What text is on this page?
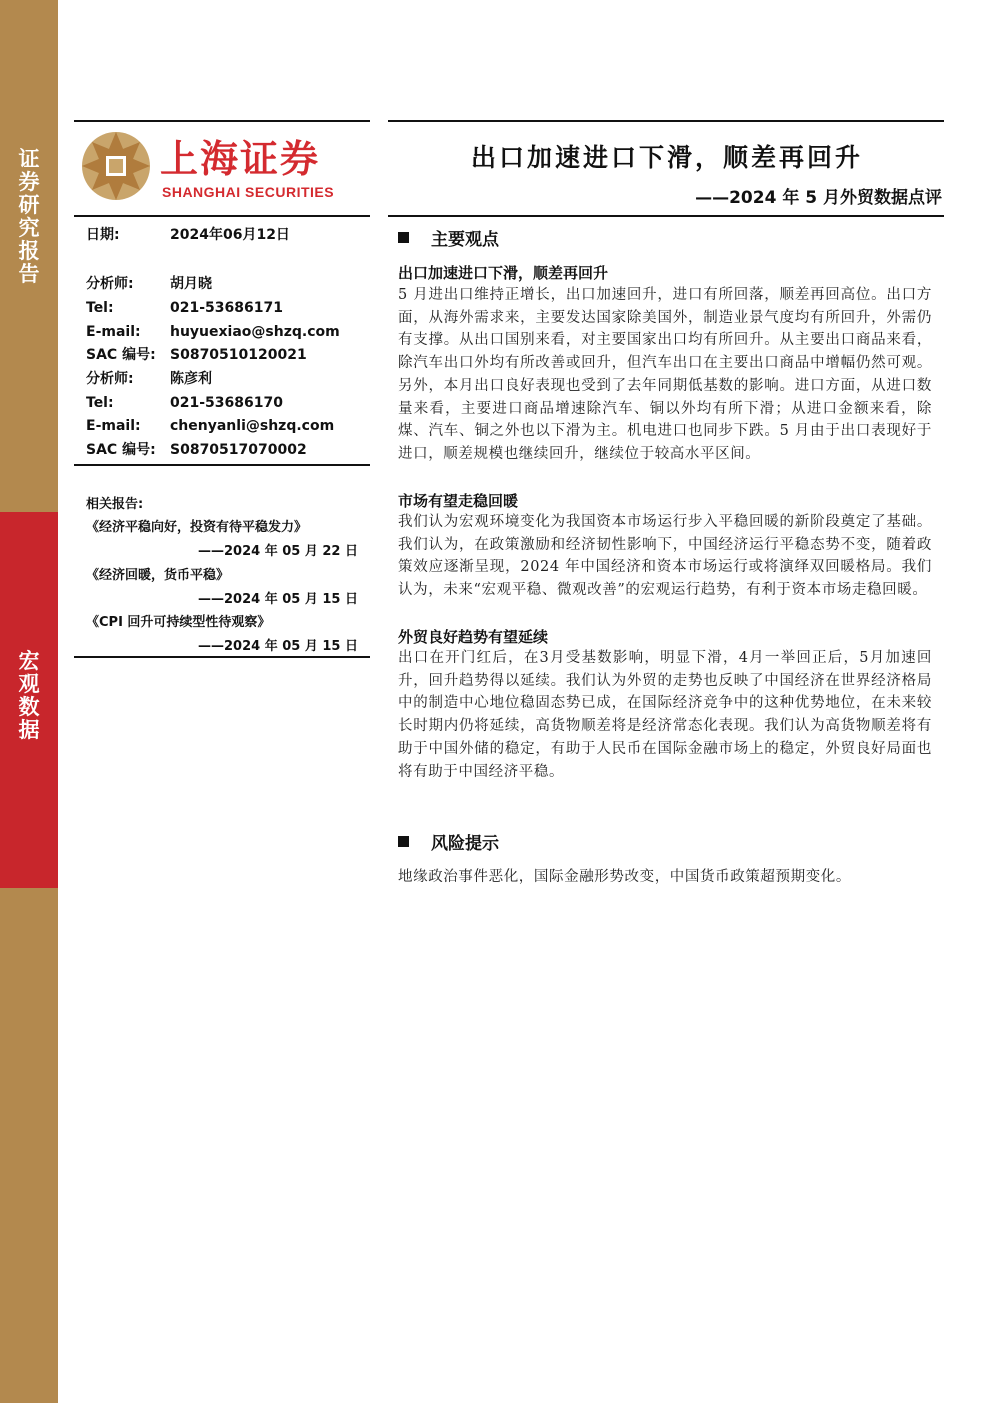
证券研究报告
宏观数据
上海证券
SHANGHAI SECURITIES
出口加速进口下滑，顺差再回升
——2024 年 5 月外贸数据点评
日期:	2024年06月12日
分析师:	胡月晓
Tel:	021-53686171
E-mail: huyuexiao@shzq.com
SAC 编号: S0870510120021
分析师:	陈彦利
Tel:	021-53686170
E-mail: chenyanli@shzq.com
SAC 编号: S0870517070002
相关报告:
《经济平稳向好，投资有待平稳发力》
——2024 年 05 月 22 日
《经济回暖，货币平稳》
——2024 年 05 月 15 日
《CPI 回升可持续型性待观察》
——2024 年 05 月 15 日
主要观点
出口加速进口下滑，顺差再回升
5 月进出口维持正增长，出口加速回升，进口有所回落，顺差再回高位。出口方面，从海外需求来，主要发达国家除美国外，制造业景气度均有所回升，外需仍有支撑。从出口国别来看，对主要国家出口均有所回升。从主要出口商品来看，除汽车出口外均有所改善或回升，但汽车出口在主要出口商品中增幅仍然可观。另外，本月出口良好表现也受到了去年同期低基数的影响。进口方面，从进口数量来看，主要进口商品增速除汽车、铜以外均有所下滑；从进口金额来看，除煤、汽车、铜之外也以下滑为主。机电进口也同步下跌。5 月由于出口表现好于进口，顺差规模也继续回升，继续位于较高水平区间。
市场有望走稳回暖
我们认为宏观环境变化为我国资本市场运行步入平稳回暖的新阶段奠定了基础。我们认为，在政策激励和经济韧性影响下，中国经济运行平稳态势不变，随着政策效应逐渐呈现，2024 年中国经济和资本市场运行或将演绎双回暖格局。我们认为，未来“宏观平稳、微观改善”的宏观运行趋势，有利于资本市场走稳回暖。
外贸良好趋势有望延续
出口在开门红后，在3月受基数影响，明显下滑，4月一举回正后，5月加速回升，回升趋势得以延续。我们认为外贸的走势也反映了中国经济在世界经济格局中的制造中心地位稳固态势已成，在国际经济竞争中的这种优势地位，在未来较长时期内仍将延续，高货物顺差将是经济常态化表现。我们认为高货物顺差将有助于中国外储的稳定，有助于人民币在国际金融市场上的稳定，外贸良好局面也将有助于中国经济平稳。
风险提示
地缘政治事件恶化，国际金融形势改变，中国货币政策超预期变化。
